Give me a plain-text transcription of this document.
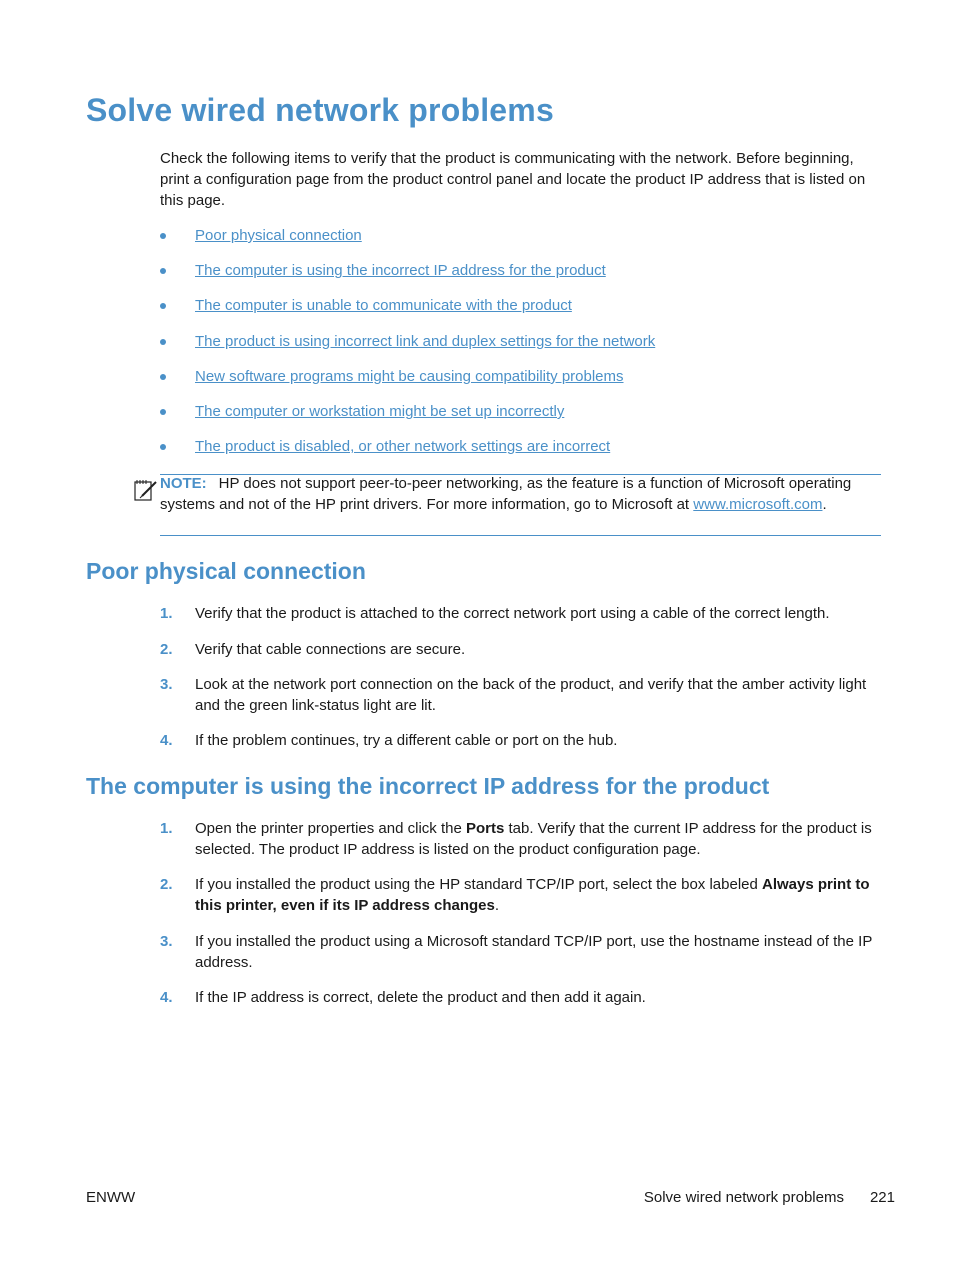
Solve wired network problems

Check the following items to verify that the product is communicating with the network. Before beginning, print a configuration page from the product control panel and locate the product IP address that is listed on this page.

Poor physical connection
The computer is using the incorrect IP address for the product
The computer is unable to communicate with the product
The product is using incorrect link and duplex settings for the network
New software programs might be causing compatibility problems
The computer or workstation might be set up incorrectly
The product is disabled, or other network settings are incorrect

NOTE: HP does not support peer-to-peer networking, as the feature is a function of Microsoft operating systems and not of the HP print drivers. For more information, go to Microsoft at www.microsoft.com.

Poor physical connection
1. Verify that the product is attached to the correct network port using a cable of the correct length.
2. Verify that cable connections are secure.
3. Look at the network port connection on the back of the product, and verify that the amber activity light and the green link-status light are lit.
4. If the problem continues, try a different cable or port on the hub.
The computer is using the incorrect IP address for the product
1. Open the printer properties and click the Ports tab. Verify that the current IP address for the product is selected. The product IP address is listed on the product configuration page.
2. If you installed the product using the HP standard TCP/IP port, select the box labeled Always print to this printer, even if its IP address changes.
3. If you installed the product using a Microsoft standard TCP/IP port, use the hostname instead of the IP address.
4. If the IP address is correct, delete the product and then add it again.
ENWW	Solve wired network problems 221
